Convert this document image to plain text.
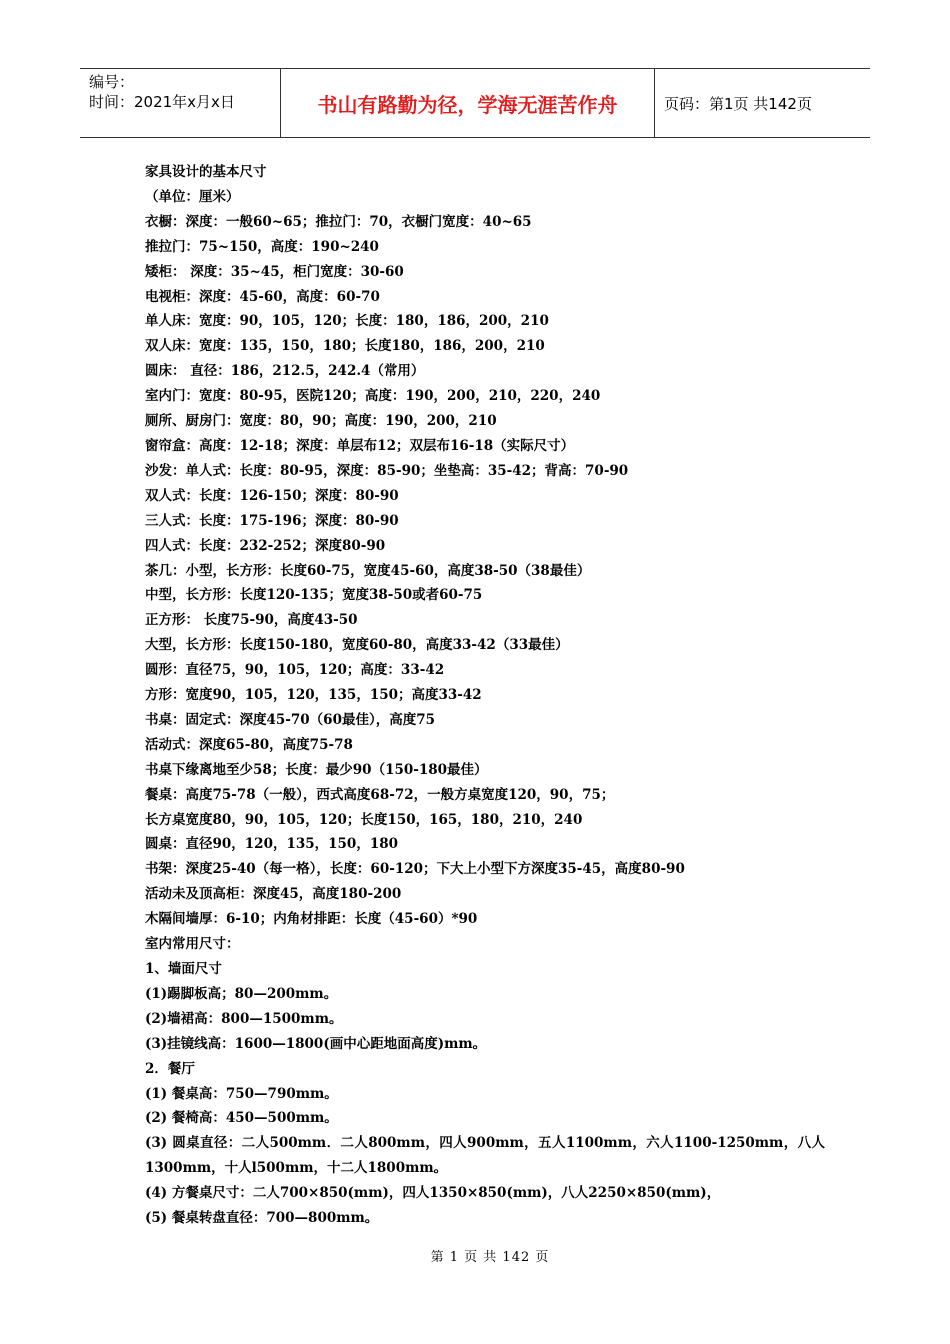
编号：
时间：2021年x月x日	书山有路勤为径，学海无涯苦作舟	页码：第1页 共142页
家具设计的基本尺寸
（单位：厘米）
衣橱：深度：一般60~65；推拉门：70，衣橱门宽度：40~65
推拉门：75~150，高度：190~240
矮柜： 深度：35~45，柜门宽度：30-60
电视柜：深度：45-60，高度：60-70
单人床：宽度：90，105，120；长度：180，186，200，210
双人床：宽度：135，150，180；长度180，186，200，210
圆床： 直径：186，212.5，242.4（常用）
室内门：宽度：80-95，医院120；高度：190，200，210，220，240
厕所、厨房门：宽度：80，90；高度：190，200，210
窗帘盒：高度：12-18；深度：单层布12；双层布16-18（实际尺寸）
沙发：单人式：长度：80-95，深度：85-90；坐垫高：35-42；背高：70-90
双人式：长度：126-150；深度：80-90
三人式：长度：175-196；深度：80-90
四人式：长度：232-252；深度80-90
茶几：小型，长方形：长度60-75，宽度45-60，高度38-50（38最佳）
中型，长方形：长度120-135；宽度38-50或者60-75
正方形： 长度75-90，高度43-50
大型，长方形：长度150-180，宽度60-80，高度33-42（33最佳）
圆形：直径75，90，105，120；高度：33-42
方形：宽度90，105，120，135，150；高度33-42
书桌：固定式：深度45-70（60最佳），高度75
活动式：深度65-80，高度75-78
书桌下缘离地至少58；长度：最少90（150-180最佳）
餐桌：高度75-78（一般），西式高度68-72，一般方桌宽度120，90，75；
长方桌宽度80，90，105，120；长度150，165，180，210，240
圆桌：直径90，120，135，150，180
书架：深度25-40（每一格），长度：60-120；下大上小型下方深度35-45，高度80-90
活动未及顶高柜：深度45，高度180-200
木隔间墙厚：6-10；内角材排距：长度（45-60）*90
室内常用尺寸：
1、墙面尺寸
(1)踢脚板高；80—200mm。
(2)墙裙高：800—1500mm。
(3)挂镜线高：1600—1800(画中心距地面高度)mm。
2．餐厅
(1) 餐桌高：750—790mm。
(2) 餐椅高：450—500mm。
(3) 圆桌直径：二人500mm．二人800mm，四人900mm，五人1100mm，六人1100-1250mm，八人1300mm，十人l500mm，十二人1800mm。
(4) 方餐桌尺寸：二人700×850(mm)，四人1350×850(mm)，八人2250×850(mm)，
(5) 餐桌转盘直径：700—800mm。
第 1 页 共 142 页
